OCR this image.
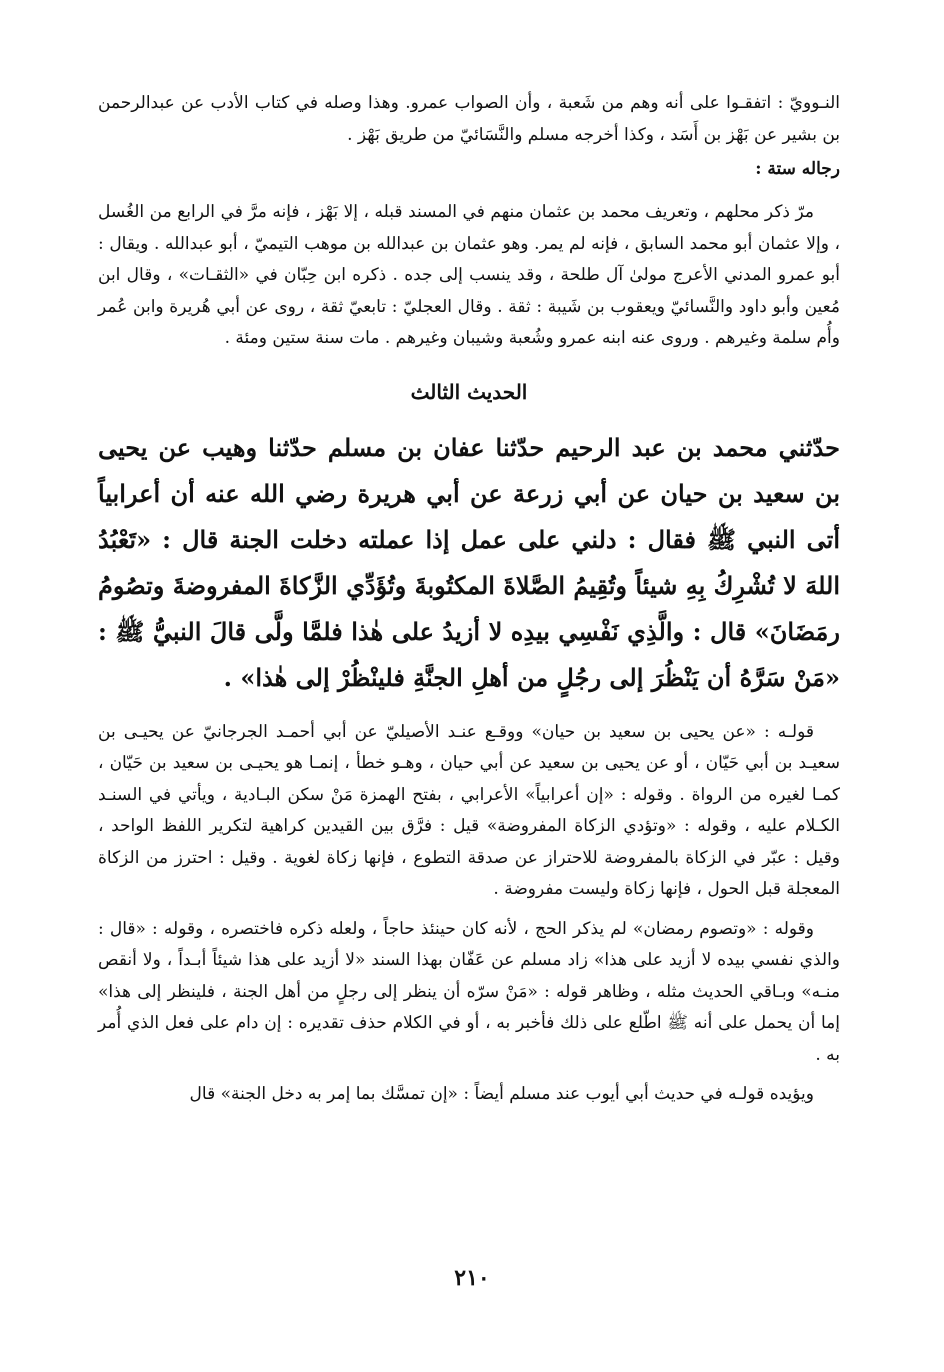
النـوويّ : اتفقـوا على أنه وهم من شَعبة ، وأن الصواب عمرو. وهذا وصله في كتاب الأدب عن عبدالرحمن بن بشير عن بَهْز بن أَسَد ، وكذا أخرجه مسلم والنَّسَائيّ من طريق بَهْز .

رجاله ستة :

مرّ ذكر محلهم ، وتعريف محمد بن عثمان منهم في المسند قبله ، إلا بَهْز ، فإنه مرَّ في الرابع من الغُسل ، وإلا عثمان أبو محمد السابق ، فإنه لم يمر. وهو عثمان بن عبدالله بن موهب التيميّ ، أبو عبدالله . ويقال : أبو عمرو المدني الأعرج مولىٰ آل طلحة ، وقد ينسب إلى جده . ذكره ابن حِبّان في «الثقـات» ، وقال ابن مُعين وأبو داود والنَّسائيّ ويعقوب بن شَيبة : ثقة . وقال العجليّ : تابعيّ ثقة ، روى عن أبي هُريرة وابن عُمر وأُم سلمة وغيرهم . وروى عنه ابنه عمرو وشُعبة وشيبان وغيرهم . مات سنة ستين ومئة .

الحديث الثالث

حدّثني محمد بن عبد الرحيم حدّثنا عفان بن مسلم حدّثنا وهيب عن يحيى بن سعيد بن حيان عن أبي زرعة عن أبي هريرة رضي الله عنه أن أعرابياً أتى النبي ﷺ فقال : دلني على عمل إذا عملته دخلت الجنة قال : «تَعْبُدُ اللهَ لا تُشْرِكُ بِهِ شيئاً وتُقِيمُ الصَّلاةَ المكتُوبةَ وتُؤَدِّي الزَّكاةَ المفروضةَ وتصُومُ رمَضَانَ» قال : والَّذِي نَفْسِي بيدِه لا أزيدُ على هٰذا فلمَّا ولَّى قالَ النبيُّ ﷺ : «مَنْ سَرَّهُ أن يَنْظُرَ إلى رجُلٍ من أهلِ الجنَّةِ فلينْظُرْ إلى هٰذا» .

قولـه : «عن يحيى بن سعيد بن حيان» ووقـع عنـد الأصيليّ عن أبي أحمـد الجرجانيّ عن يحيـى بن سعيـد بن أبي حَيّان ، أو عن يحيى بن سعيد عن أبي حيان ، وهـو خطأ ، إنمـا هو يحيـى بن سعيد بن حَيّان ، كمـا لغيره من الرواة . وقوله : «إن أعرابياً» الأعرابي ، بفتح الهمزة مَنْ سكن البـادية ، ويأتي في السنـد الكـلام عليه ، وقوله : «وتؤدي الزكاة المفروضة» قيل : فرَّق بين القيدين كراهية لتكرير اللفظ الواحد ، وقيل : عبّر في الزكاة بالمفروضة للاحتراز عن صدقة التطوع ، فإنها زكاة لغوية . وقيل : احترز من الزكاة المعجلة قبل الحول ، فإنها زكاة وليست مفروضة .

وقوله : «وتصوم رمضان» لم يذكر الحج ، لأنه كان حينئذ حاجاً ، ولعله ذكره فاختصره ، وقوله : «قال : والذي نفسي بيده لا أزيد على هذا» زاد مسلم عن عَفّان بهذا السند «لا أزيد على هذا شيئاً أبـداً ، ولا أنقص منـه» وبـاقي الحديث مثله ، وظاهر قوله : «مَنْ سرّه أن ينظر إلى رجلٍ من أهل الجنة ، فلينظر إلى هذا» إما أن يحمل على أنه ﷺ اطّلع على ذلك فأخبر به ، أو في الكلام حذف تقديره : إن دام على فعل الذي أُمر به .

ويؤيده قولـه في حديث أبي أيوب عند مسلم أيضاً : «إن تمسَّك بما إمر به دخل الجنة» قال

٢١٠
